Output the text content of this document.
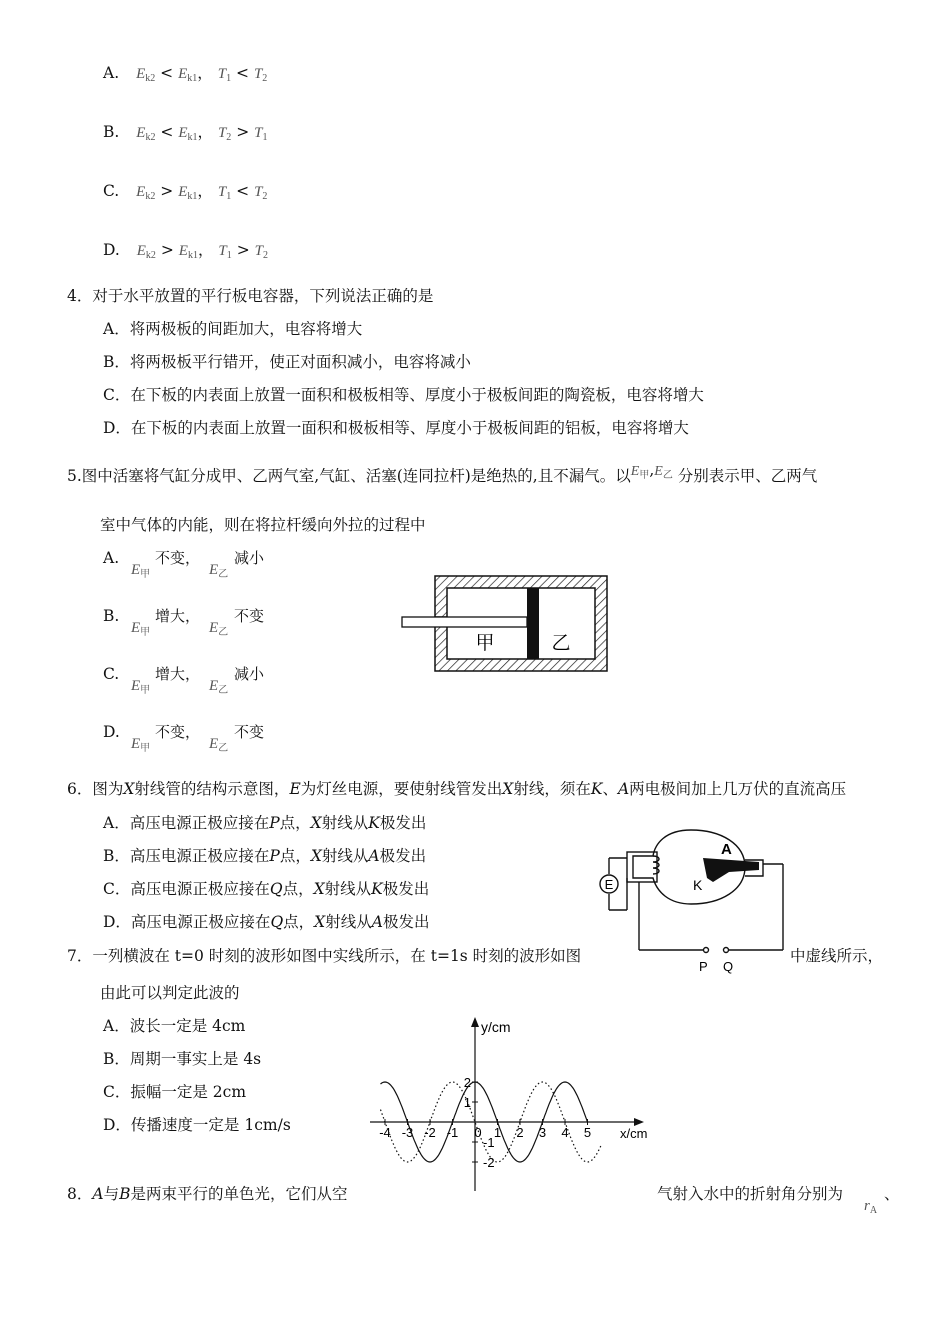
A. $E_{k2} < E_{k1}$， $T_1 < T_2$
B. $E_{k2} < E_{k1}$， $T_2 > T_1$
C. $E_{k2} > E_{k1}$， $T_1 < T_2$
D. $E_{k2} > E_{k1}$， $T_1 > T_2$
4．对于水平放置的平行板电容器，下列说法正确的是
A．将两极板的间距加大，电容将增大
B．将两极板平行错开，使正对面积减小，电容将减小
C．在下板的内表面上放置一面积和极板相等、厚度小于极板间距的陶瓷板，电容将增大
D．在下板的内表面上放置一面积和极板相等、厚度小于极板间距的铝板，电容将增大
5.图中活塞将气缸分成甲、乙两气室,气缸、活塞(连同拉杆)是绝热的,且不漏气。以$E_甲,E_乙$ 分别表示甲、乙两气
室中气体的内能，则在将拉杆缓向外拉的过程中
A.
$E_甲$
不变，
$E_乙$
减小
B.
$E_甲$
增大，
$E_乙$
不变
C.
$E_甲$
增大，
$E_乙$
减小
D.
$E_甲$
不变，
$E_乙$
不变
甲	乙
6．图为X射线管的结构示意图，E为灯丝电源，要使射线管发出X射线，须在K、A两电极间加上几万伏的直流高压
A．高压电源正极应接在P点，X射线从K极发出
B．高压电源正极应接在P点，X射线从A极发出
C．高压电源正极应接在Q点，X射线从K极发出
D．高压电源正极应接在Q点，X射线从A极发出
E	K
A
P Q
7．一列横波在 t=0 时刻的波形如图中实线所示，在 t=1s 时刻的波形如图	中虚线所示，
由此可以判定此波的
A．波长一定是 4cm
B．周期一事实上是 4s
C．振幅一定是 2cm
D．传播速度一定是 1cm/s	x/cm
y/cm
-4 -3 -2 -1 0 1 2 3 4 5
2
1
-1
-2
8．A与B是两束平行的单色光，它们从空	气射入水中的折射角分别为
$r_A$
、
